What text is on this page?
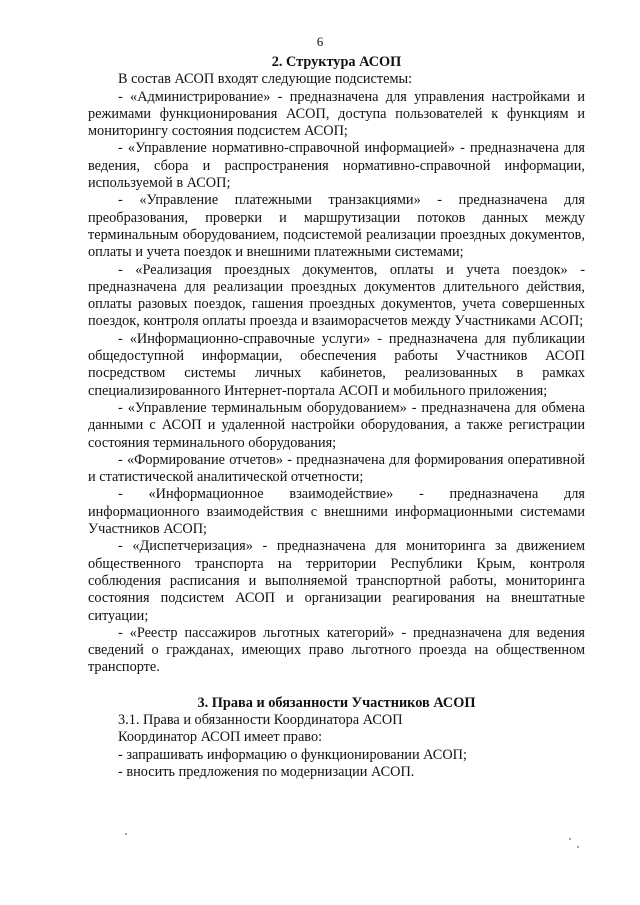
6
2. Структура АСОП

В состав АСОП входят следующие подсистемы:

- «Администрирование» - предназначена для управления настройками и режимами функционирования АСОП, доступа пользователей к функциям и мониторингу состояния подсистем АСОП;

- «Управление нормативно-справочной информацией» - предназначена для ведения, сбора и распространения нормативно-справочной информации, используемой в АСОП;

- «Управление платежными транзакциями» - предназначена для преобразования, проверки и маршрутизации потоков данных между терминальным оборудованием, подсистемой реализации проездных документов, оплаты и учета поездок и внешними платежными системами;

- «Реализация проездных документов, оплаты и учета поездок» - предназначена для реализации проездных документов длительного действия, оплаты разовых поездок, гашения проездных документов, учета совершенных поездок, контроля оплаты проезда и взаиморасчетов между Участниками АСОП;

- «Информационно-справочные услуги» - предназначена для публикации общедоступной информации, обеспечения работы Участников АСОП посредством системы личных кабинетов, реализованных в рамках специализированного Интернет-портала АСОП и мобильного приложения;

- «Управление терминальным оборудованием» - предназначена для обмена данными с АСОП и удаленной настройки оборудования, а также регистрации состояния терминального оборудования;

- «Формирование отчетов» - предназначена для формирования оперативной и статистической аналитической отчетности;

- «Информационное взаимодействие» - предназначена для информационного взаимодействия с внешними информационными системами Участников АСОП;

- «Диспетчеризация» - предназначена для мониторинга за движением общественного транспорта на территории Республики Крым, контроля соблюдения расписания и выполняемой транспортной работы, мониторинга состояния подсистем АСОП и организации реагирования на внештатные ситуации;

- «Реестр пассажиров льготных категорий» - предназначена для ведения сведений о гражданах, имеющих право льготного проезда на общественном транспорте.

3. Права и обязанности Участников АСОП

3.1. Права и обязанности Координатора АСОП

Координатор АСОП имеет право:

- запрашивать информацию о функционировании АСОП;

- вносить предложения по модернизации АСОП.
